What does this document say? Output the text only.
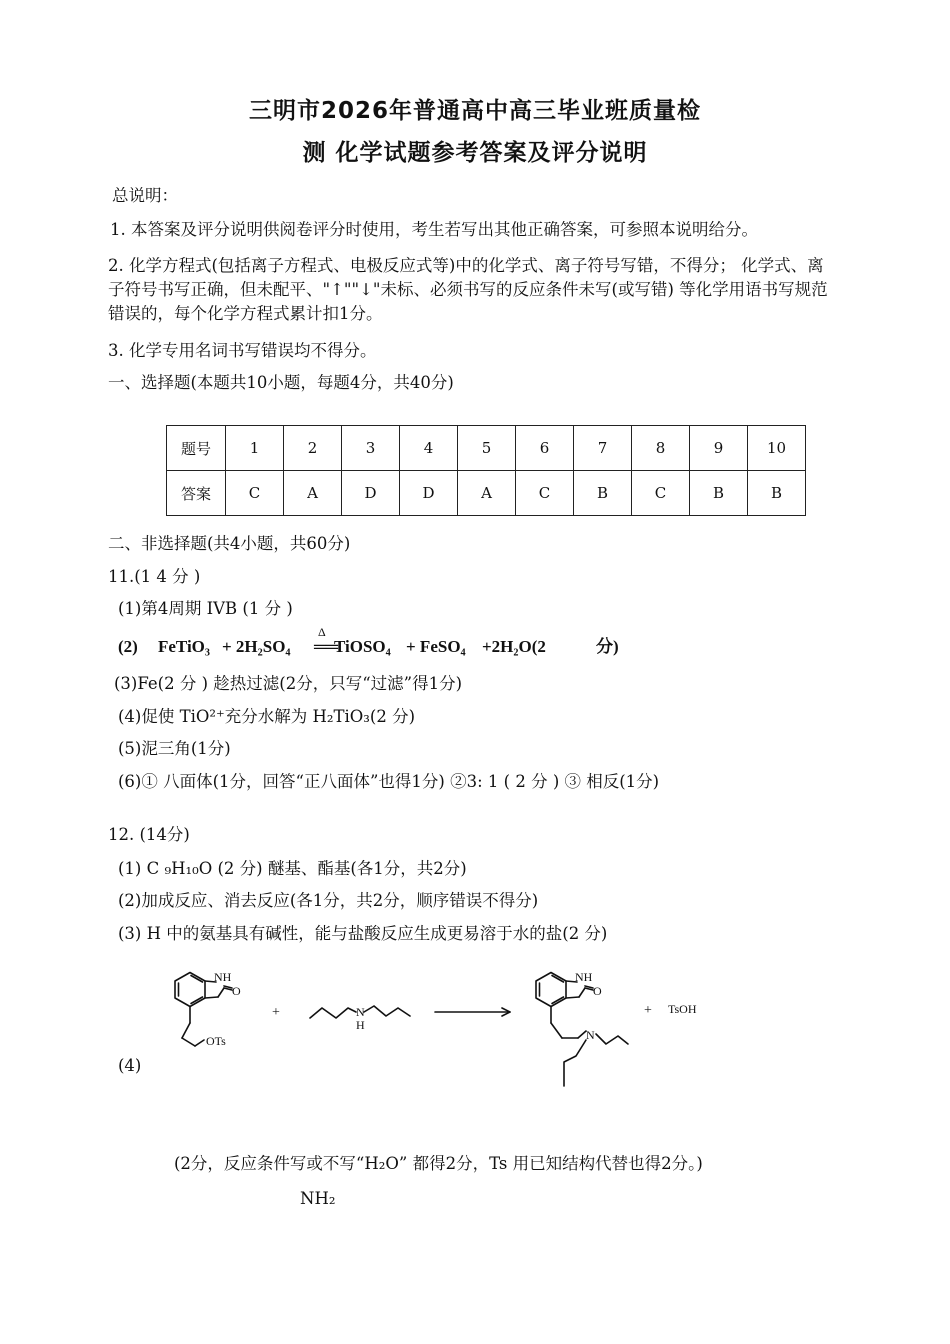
三明市2026年普通高中高三毕业班质量检
测 化学试题参考答案及评分说明
总说明：
1. 本答案及评分说明供阅卷评分时使用，考生若写出其他正确答案，可参照本说明给分。
2. 化学方程式(包括离子方程式、电极反应式等)中的化学式、离子符号写错，不得分； 化学式、离子符号书写正确，但未配平、"↑""↓"未标、必须书写的反应条件未写(或写错) 等化学用语书写规范错误的，每个化学方程式累计扣1分。
3. 化学专用名词书写错误均不得分。
一、选择题(本题共10小题，每题4分，共40分)
题号	1	2	3	4	5	6	7	8	9	10
答案	C	A	D	D	A	C	B	C	B	B
二、非选择题(共4小题，共60分)
11.(1 4 分 )
(1)第4周期 IVB (1 分 )
(2) FeTiO₃ + 2H₂SO₄
Δ
══TiOSO₄ + FeSO₄ +2H₂O(2	分)
(3)Fe(2 分 ) 趁热过滤(2分，只写“过滤”得1分)
(4)促使 TiO²⁺充分水解为 H₂TiO₃(2 分)
(5)泥三角(1分)
(6)① 八面体(1分，回答“正八面体”也得1分) ②3: 1 ( 2 分 ) ③ 相反(1分)
12. (14分)
(1) C ₉H₁₀O (2 分) 醚基、酯基(各1分，共2分)
(2)加成反应、消去反应(各1分，共2分，顺序错误不得分)
(3) H 中的氨基具有碱性，能与盐酸反应生成更易溶于水的盐(2 分)
(4)
NH
O
OTs
+	N
H
NH
O
N
+ TsOH
(2分，反应条件写或不写“H₂O” 都得2分，Ts 用已知结构代替也得2分。)
NH₂
